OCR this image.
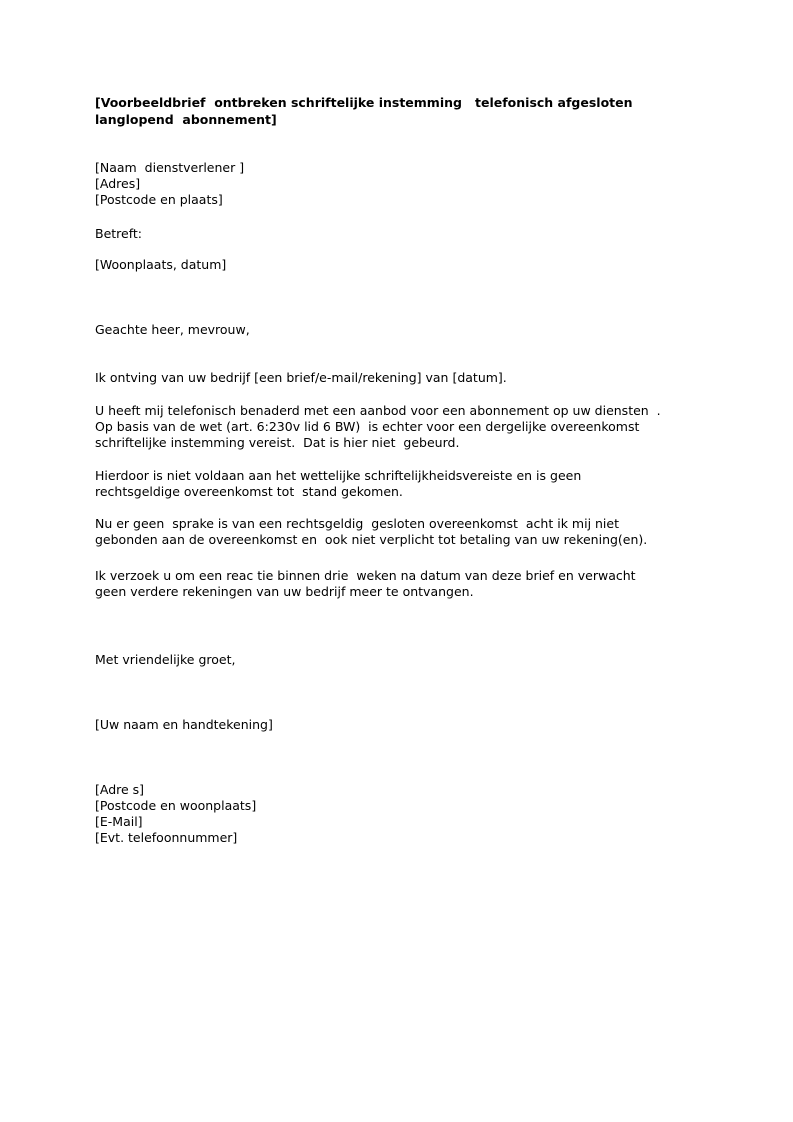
[Voorbeeldbrief  ontbreken schriftelijke instemming   telefonisch afgesloten
langlopend  abonnement]
[Naam  dienstverlener ]
[Adres]
[Postcode en plaats]
Betreft:
[Woonplaats, datum]
Geachte heer, mevrouw,
Ik ontving van uw bedrijf [een brief/e-mail/rekening] van [datum].
U heeft mij telefonisch benaderd met een aanbod voor een abonnement op uw diensten  .
Op basis van de wet (art. 6:230v lid 6 BW)  is echter voor een dergelijke overeenkomst
schriftelijke instemming vereist.  Dat is hier niet  gebeurd.
Hierdoor is niet voldaan aan het wettelijke schriftelijkheidsvereiste en is geen
rechtsgeldige overeenkomst tot  stand gekomen.
Nu er geen  sprake is van een rechtsgeldig  gesloten overeenkomst  acht ik mij niet
gebonden aan de overeenkomst en  ook niet verplicht tot betaling van uw rekening(en).
Ik verzoek u om een reac tie binnen drie  weken na datum van deze brief en verwacht
geen verdere rekeningen van uw bedrijf meer te ontvangen.
Met vriendelijke groet,
[Uw naam en handtekening]
[Adre s]
[Postcode en woonplaats]
[E-Mail]
[Evt. telefoonnummer]
